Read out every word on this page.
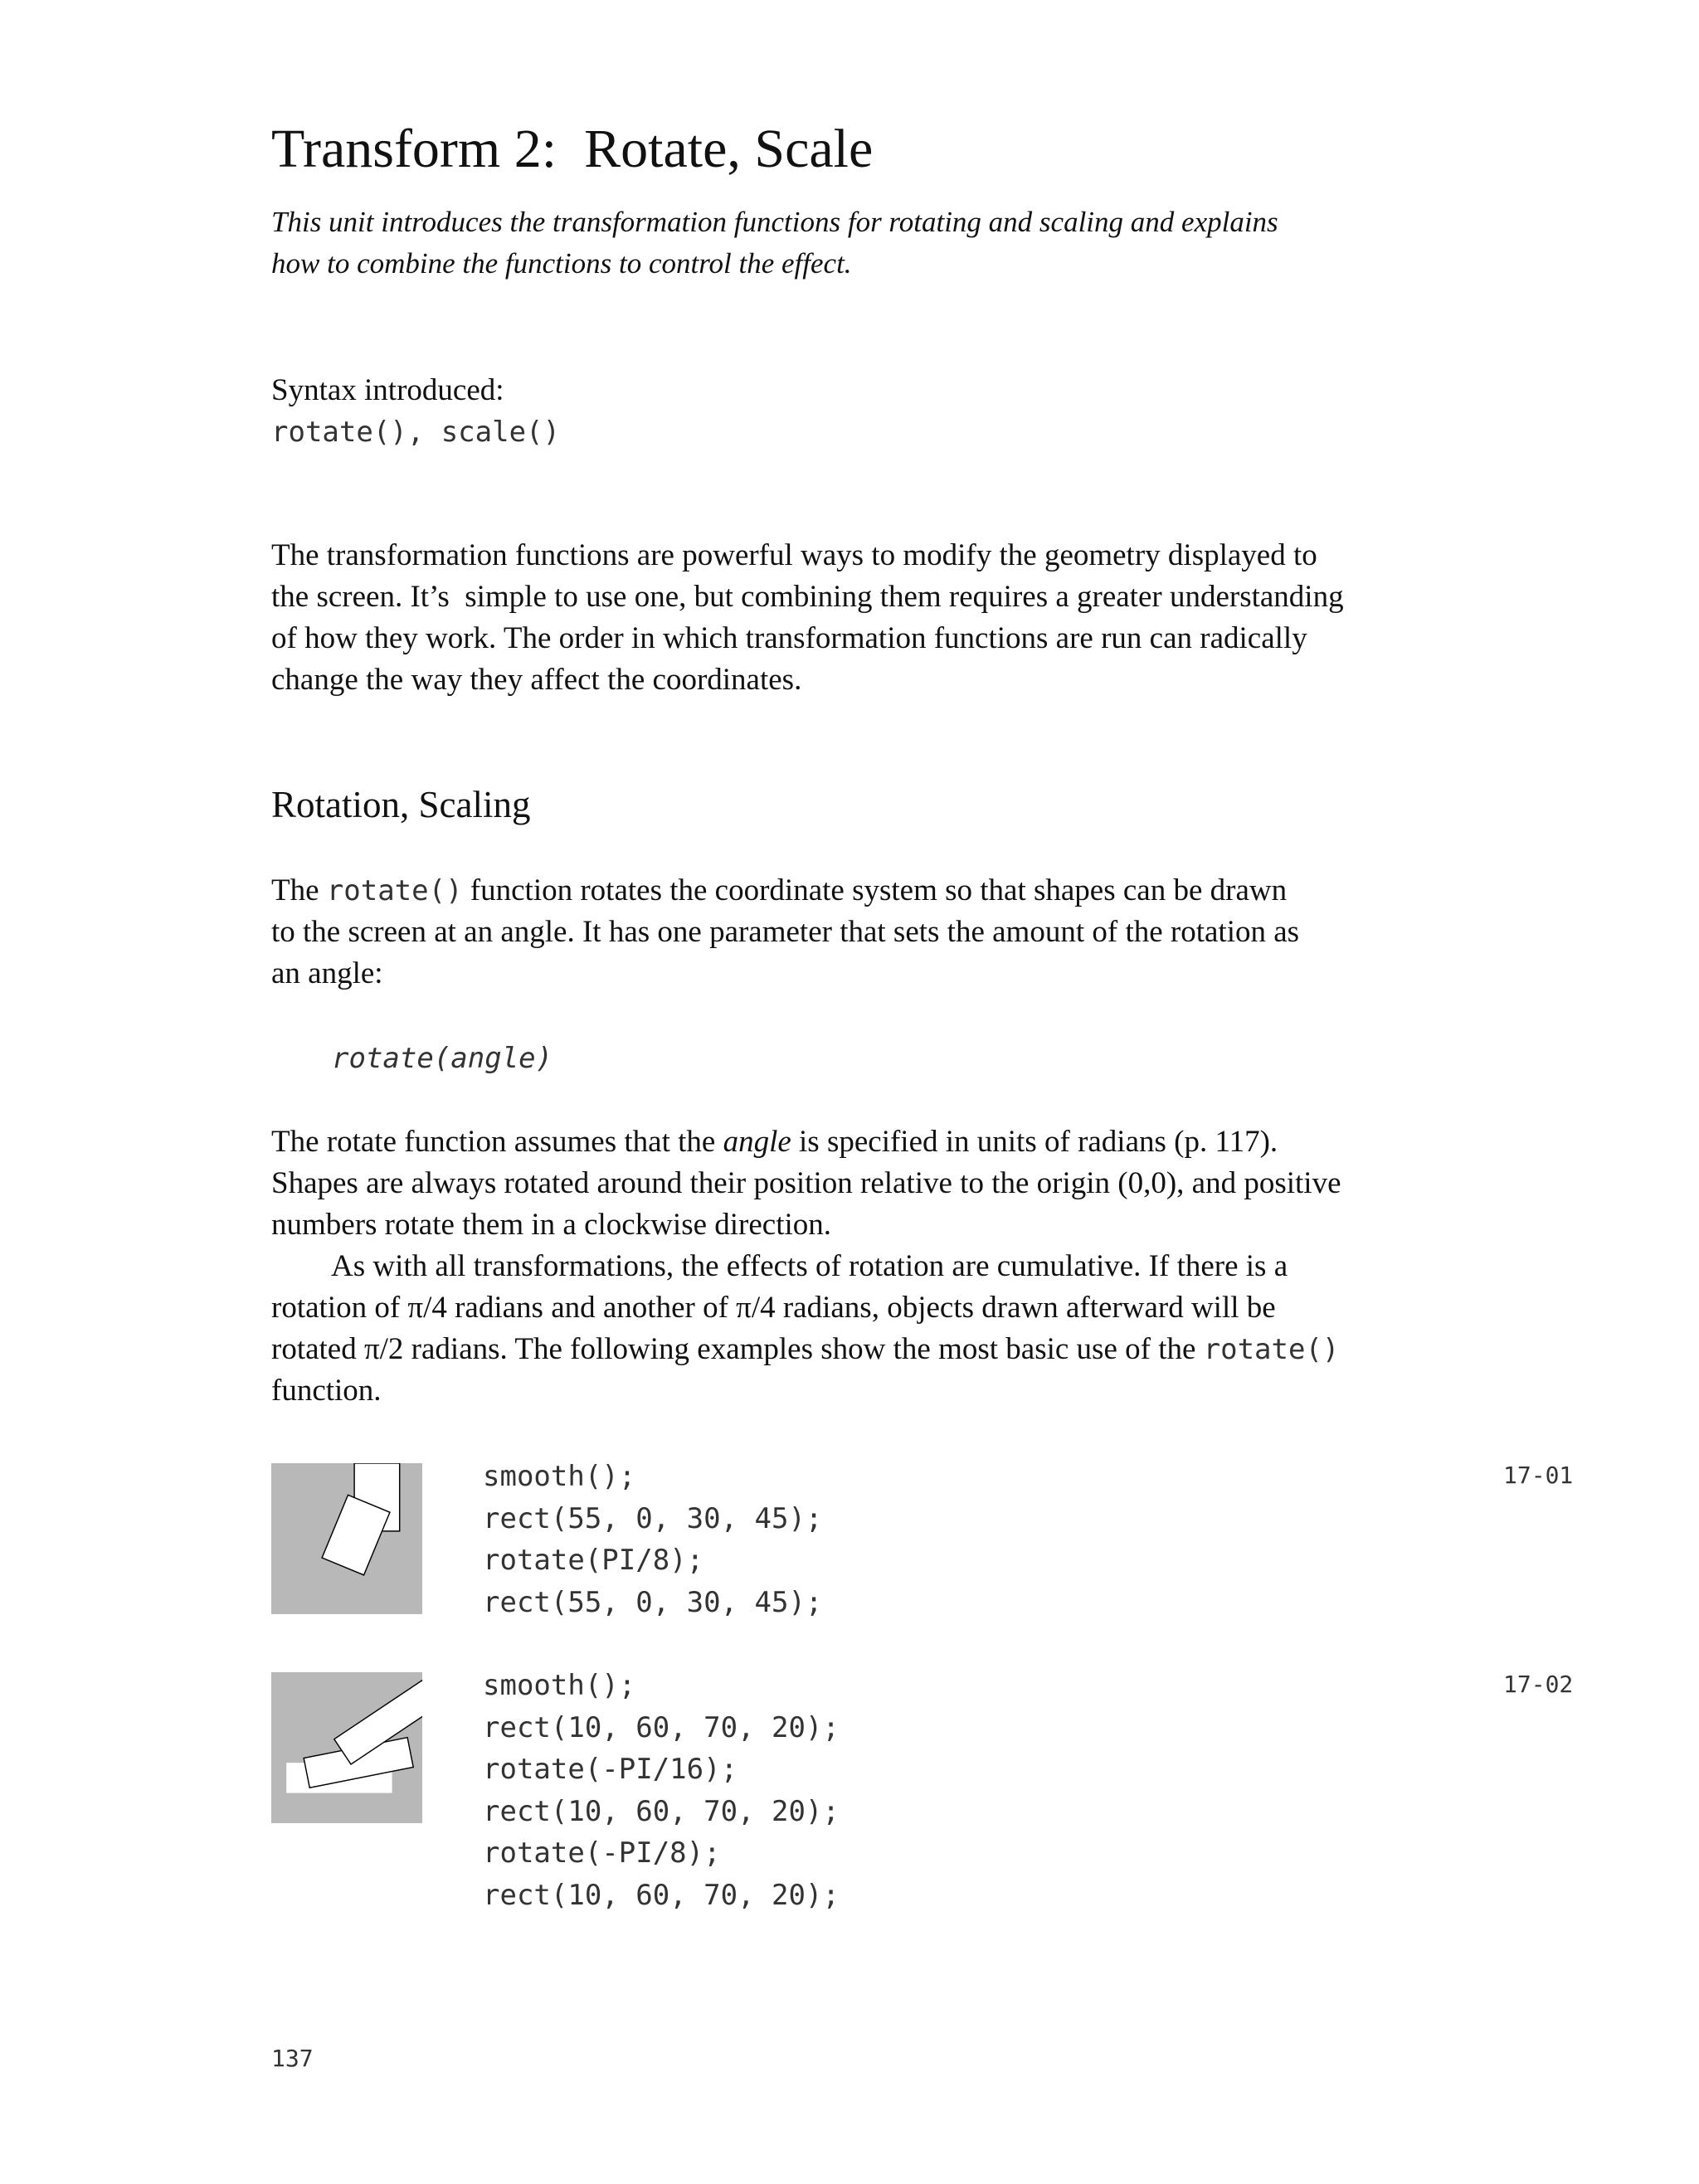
Transform 2:  Rotate, Scale
This unit introduces the transformation functions for rotating and scaling and explains
how to combine the functions to control the effect.
Syntax introduced:
rotate(), scale()
The transformation functions are powerful ways to modify the geometry displayed to
the screen. It’s  simple to use one, but combining them requires a greater understanding
of how they work. The order in which transformation functions are run can radically
change the way they affect the coordinates.
Rotation, Scaling
The rotate() function rotates the coordinate system so that shapes can be drawn
to the screen at an angle. It has one parameter that sets the amount of the rotation as
an angle:
rotate(angle)
The rotate function assumes that the angle is specified in units of radians (p. 117).
Shapes are always rotated around their position relative to the origin (0,0), and positive
numbers rotate them in a clockwise direction.
As with all transformations, the effects of rotation are cumulative. If there is a
rotation of π/4 radians and another of π/4 radians, objects drawn afterward will be
rotated π/2 radians. The following examples show the most basic use of the rotate()
function.
smooth();
rect(55, 0, 30, 45);
rotate(PI/8);
rect(55, 0, 30, 45);
17-01
smooth();
rect(10, 60, 70, 20);
rotate(-PI/16);
rect(10, 60, 70, 20);
rotate(-PI/8);
rect(10, 60, 70, 20);
17-02
137
